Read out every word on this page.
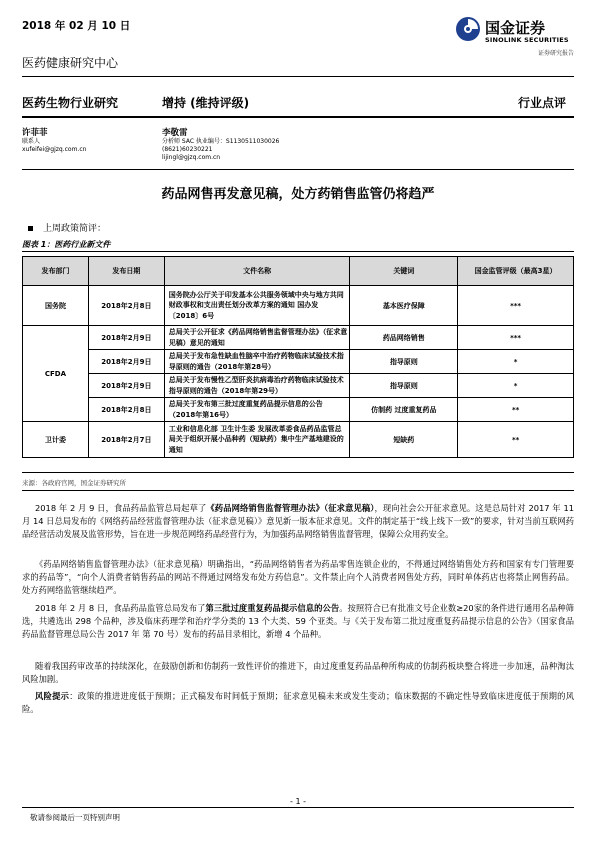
2018 年 02 月 10 日	国金证券
SINOLINK SECURITIES
证券研究报告
医药健康研究中心
医药生物行业研究	增持 (维持评级)	行业点评
许菲菲
联系人
xufeifei@gjzq.com.cn
李敬雷
分析师 SAC 执业编号：S1130511030026
(8621)60230221
lijingl@gjzq.com.cn
药品网售再发意见稿，处方药销售监管仍将趋严
上周政策简评：
图表 1：医药行业新文件
发布部门	发布日期	文件名称	关键词	国金监管评级（最高3星）
国务院	2018年2月8日	国务院办公厅关于印发基本公共服务领域中央与地方共同财政事权和支出责任划分改革方案的通知 国办发〔2018〕6号	基本医疗保障	***
CFDA	2018年2月9日	总局关于公开征求《药品网络销售监督管理办法》（征求意见稿）意见的通知	药品网络销售	***
	2018年2月9日	总局关于发布急性缺血性脑卒中治疗药物临床试验技术指导原则的通告（2018年第28号）	指导原则	*
	2018年2月9日	总局关于发布慢性乙型肝炎抗病毒治疗药物临床试验技术指导原则的通告（2018年第29号）	指导原则	*
	2018年2月8日	总局关于发布第三批过度重复药品提示信息的公告（2018年第16号）	仿制药 过度重复药品	**
卫计委	2018年2月7日	工业和信息化部 卫生计生委 发展改革委食品药品监管总局关于组织开展小品种药（短缺药）集中生产基地建设的通知	短缺药	**
来源：各政府官网，国金证券研究所
2018 年 2 月 9 日，食品药品监管总局起草了《药品网络销售监督管理办法》（征求意见稿），现向社会公开征求意见。这是总局针对 2017 年 11 月 14 日总局发布的《网络药品经营监督管理办法（征求意见稿）》意见新一版本征求意见。文件的制定基于“线上线下一致”的要求，针对当前互联网药品经营活动发展及监管形势，旨在进一步规范网络药品经营行为，为加强药品网络销售监督管理，保障公众用药安全。
《药品网络销售监督管理办法》（征求意见稿）明确指出，“药品网络销售者为药品零售连锁企业的，不得通过网络销售处方药和国家有专门管理要求的药品等”，“向个人消费者销售药品的网站不得通过网络发布处方药信息”。文件禁止向个人消费者网售处方药，同时单体药店也将禁止网售药品。处方药网络监管继续趋严。
2018 年 2 月 8 日，食品药品监管总局发布了第三批过度重复药品提示信息的公告。按照符合已有批准文号企业数≥20家的条件进行通用名品种筛选，共遴选出 298 个品种，涉及临床药理学和治疗学分类的 13 个大类、59 个亚类。与《关于发布第二批过度重复药品提示信息的公告》（国家食品药品监督管理总局公告 2017 年 第 70 号）发布的药品目录相比，新增 4 个品种。
随着我国药审改革的持续深化，在鼓励创新和仿制药一致性评价的推进下，由过度重复药品品种所构成的仿制药板块整合将进一步加速，品种淘汰风险加剧。
风险提示：政策的推进进度低于预期；正式稿发布时间低于预期；征求意见稿未来或发生变动；临床数据的不确定性导致临床进度低于预期的风险。
- 1 -
敬请参阅最后一页特别声明
